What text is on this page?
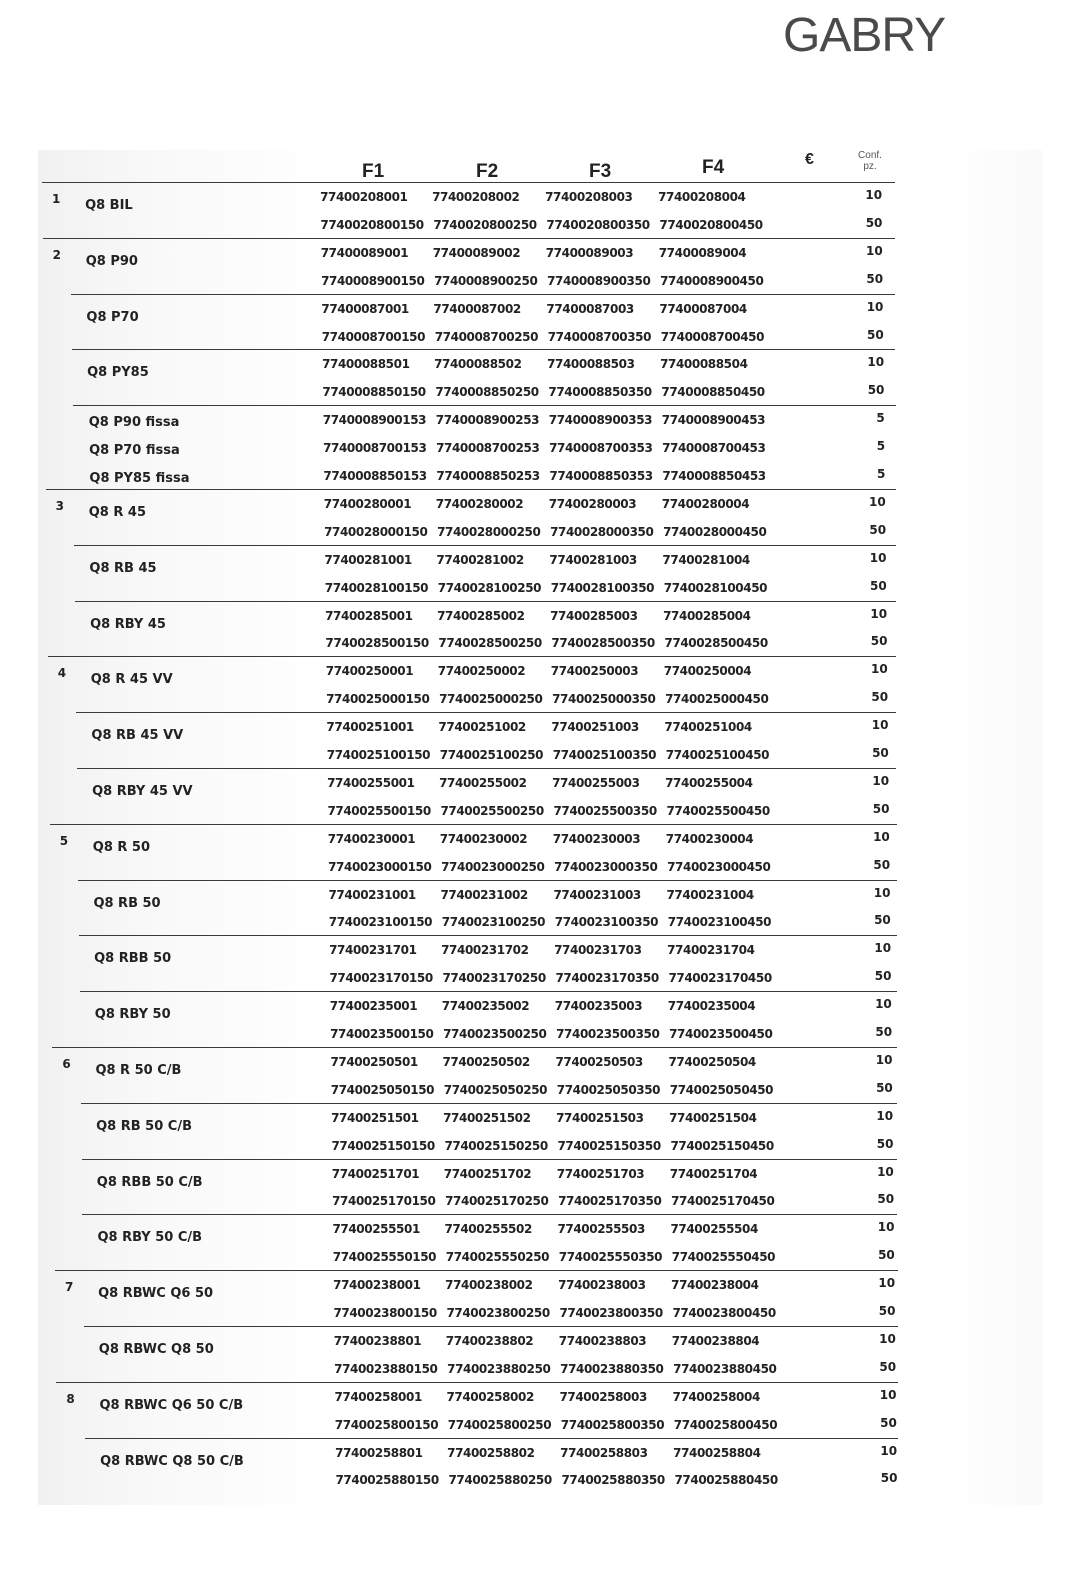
GABRY
F1	F2	F3	F4	€	Conf.
pz.
1 Q8 BIL
77400208001 77400208002 77400208003 77400208004	10
7740020800150 7740020800250 7740020800350 7740020800450	50
2 Q8 P90
77400089001 77400089002 77400089003 77400089004	10
7740008900150 7740008900250 7740008900350 7740008900450	50
Q8 P70
77400087001 77400087002 77400087003 77400087004	10
7740008700150 7740008700250 7740008700350 7740008700450	50
Q8 PY85
77400088501 77400088502 77400088503 77400088504	10
7740008850150 7740008850250 7740008850350 7740008850450	50
Q8 P90 fissa	7740008900153 7740008900253 7740008900353 7740008900453	5
Q8 P70 fissa	7740008700153 7740008700253 7740008700353 7740008700453	5
Q8 PY85 fissa	7740008850153 7740008850253 7740008850353 7740008850453	5
3 Q8 R 45
77400280001 77400280002 77400280003 77400280004	10
7740028000150 7740028000250 7740028000350 7740028000450	50
Q8 RB 45
77400281001 77400281002 77400281003 77400281004	10
7740028100150 7740028100250 7740028100350 7740028100450	50
Q8 RBY 45
77400285001 77400285002 77400285003 77400285004	10
7740028500150 7740028500250 7740028500350 7740028500450	50
4 Q8 R 45 VV
77400250001 77400250002 77400250003 77400250004	10
7740025000150 7740025000250 7740025000350 7740025000450	50
Q8 RB 45 VV
77400251001 77400251002 77400251003 77400251004	10
7740025100150 7740025100250 7740025100350 7740025100450	50
Q8 RBY 45 VV
77400255001 77400255002 77400255003 77400255004	10
7740025500150 7740025500250 7740025500350 7740025500450	50
5 Q8 R 50
77400230001 77400230002 77400230003 77400230004	10
7740023000150 7740023000250 7740023000350 7740023000450	50
Q8 RB 50
77400231001 77400231002 77400231003 77400231004	10
7740023100150 7740023100250 7740023100350 7740023100450	50
Q8 RBB 50
77400231701 77400231702 77400231703 77400231704	10
7740023170150 7740023170250 7740023170350 7740023170450	50
Q8 RBY 50
77400235001 77400235002 77400235003 77400235004	10
7740023500150 7740023500250 7740023500350 7740023500450	50
6 Q8 R 50 C/B
77400250501 77400250502 77400250503 77400250504	10
7740025050150 7740025050250 7740025050350 7740025050450	50
Q8 RB 50 C/B
77400251501 77400251502 77400251503 77400251504	10
7740025150150 7740025150250 7740025150350 7740025150450	50
Q8 RBB 50 C/B
77400251701 77400251702 77400251703 77400251704	10
7740025170150 7740025170250 7740025170350 7740025170450	50
Q8 RBY 50 C/B
77400255501 77400255502 77400255503 77400255504	10
7740025550150 7740025550250 7740025550350 7740025550450	50
7 Q8 RBWC Q6 50
77400238001 77400238002 77400238003 77400238004	10
7740023800150 7740023800250 7740023800350 7740023800450	50
Q8 RBWC Q8 50
77400238801 77400238802 77400238803 77400238804	10
7740023880150 7740023880250 7740023880350 7740023880450	50
8 Q8 RBWC Q6 50 C/B
77400258001 77400258002 77400258003 77400258004	10
7740025800150 7740025800250 7740025800350 7740025800450	50
Q8 RBWC Q8 50 C/B
77400258801 77400258802 77400258803 77400258804	10
7740025880150 7740025880250 7740025880350 7740025880450	50
